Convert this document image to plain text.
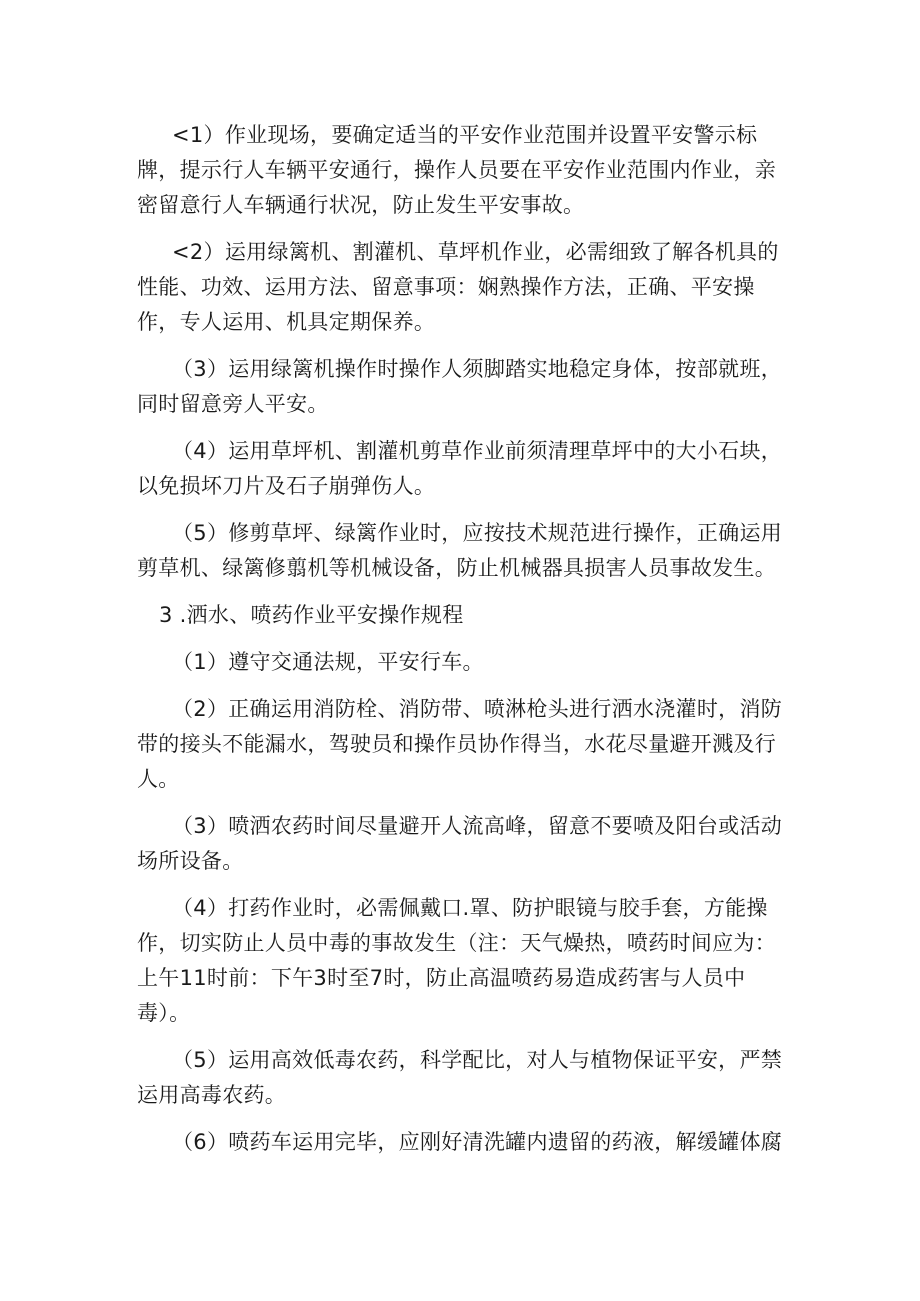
<1）作业现场，要确定适当的平安作业范围并设置平安警示标牌，提示行人车辆平安通行，操作人员要在平安作业范围内作业，亲密留意行人车辆通行状况，防止发生平安事故。

<2）运用绿篱机、割灌机、草坪机作业，必需细致了解各机具的性能、功效、运用方法、留意事项：娴熟操作方法，正确、平安操作，专人运用、机具定期保养。

（3）运用绿篱机操作时操作人须脚踏实地稳定身体，按部就班，同时留意旁人平安。

（4）运用草坪机、割灌机剪草作业前须清理草坪中的大小石块，以免损坏刀片及石子崩弹伤人。

（5）修剪草坪、绿篱作业时，应按技术规范进行操作，正确运用剪草机、绿篱修翦机等机械设备，防止机械器具损害人员事故发生。

3 .洒水、喷药作业平安操作规程

（1）遵守交通法规，平安行车。

（2）正确运用消防栓、消防带、喷淋枪头进行洒水浇灌时，消防带的接头不能漏水，驾驶员和操作员协作得当，水花尽量避开溅及行人。

（3）喷洒农药时间尽量避开人流高峰，留意不要喷及阳台或活动场所设备。

（4）打药作业时，必需佩戴口.罩、防护眼镜与胶手套，方能操作，切实防止人员中毒的事故发生（注：天气燥热，喷药时间应为：上午11时前：下午3时至7时，防止高温喷药易造成药害与人员中毒）。

（5）运用高效低毒农药，科学配比，对人与植物保证平安，严禁运用高毒农药。

（6）喷药车运用完毕，应刚好清洗罐内遗留的药液，解缓罐体腐
